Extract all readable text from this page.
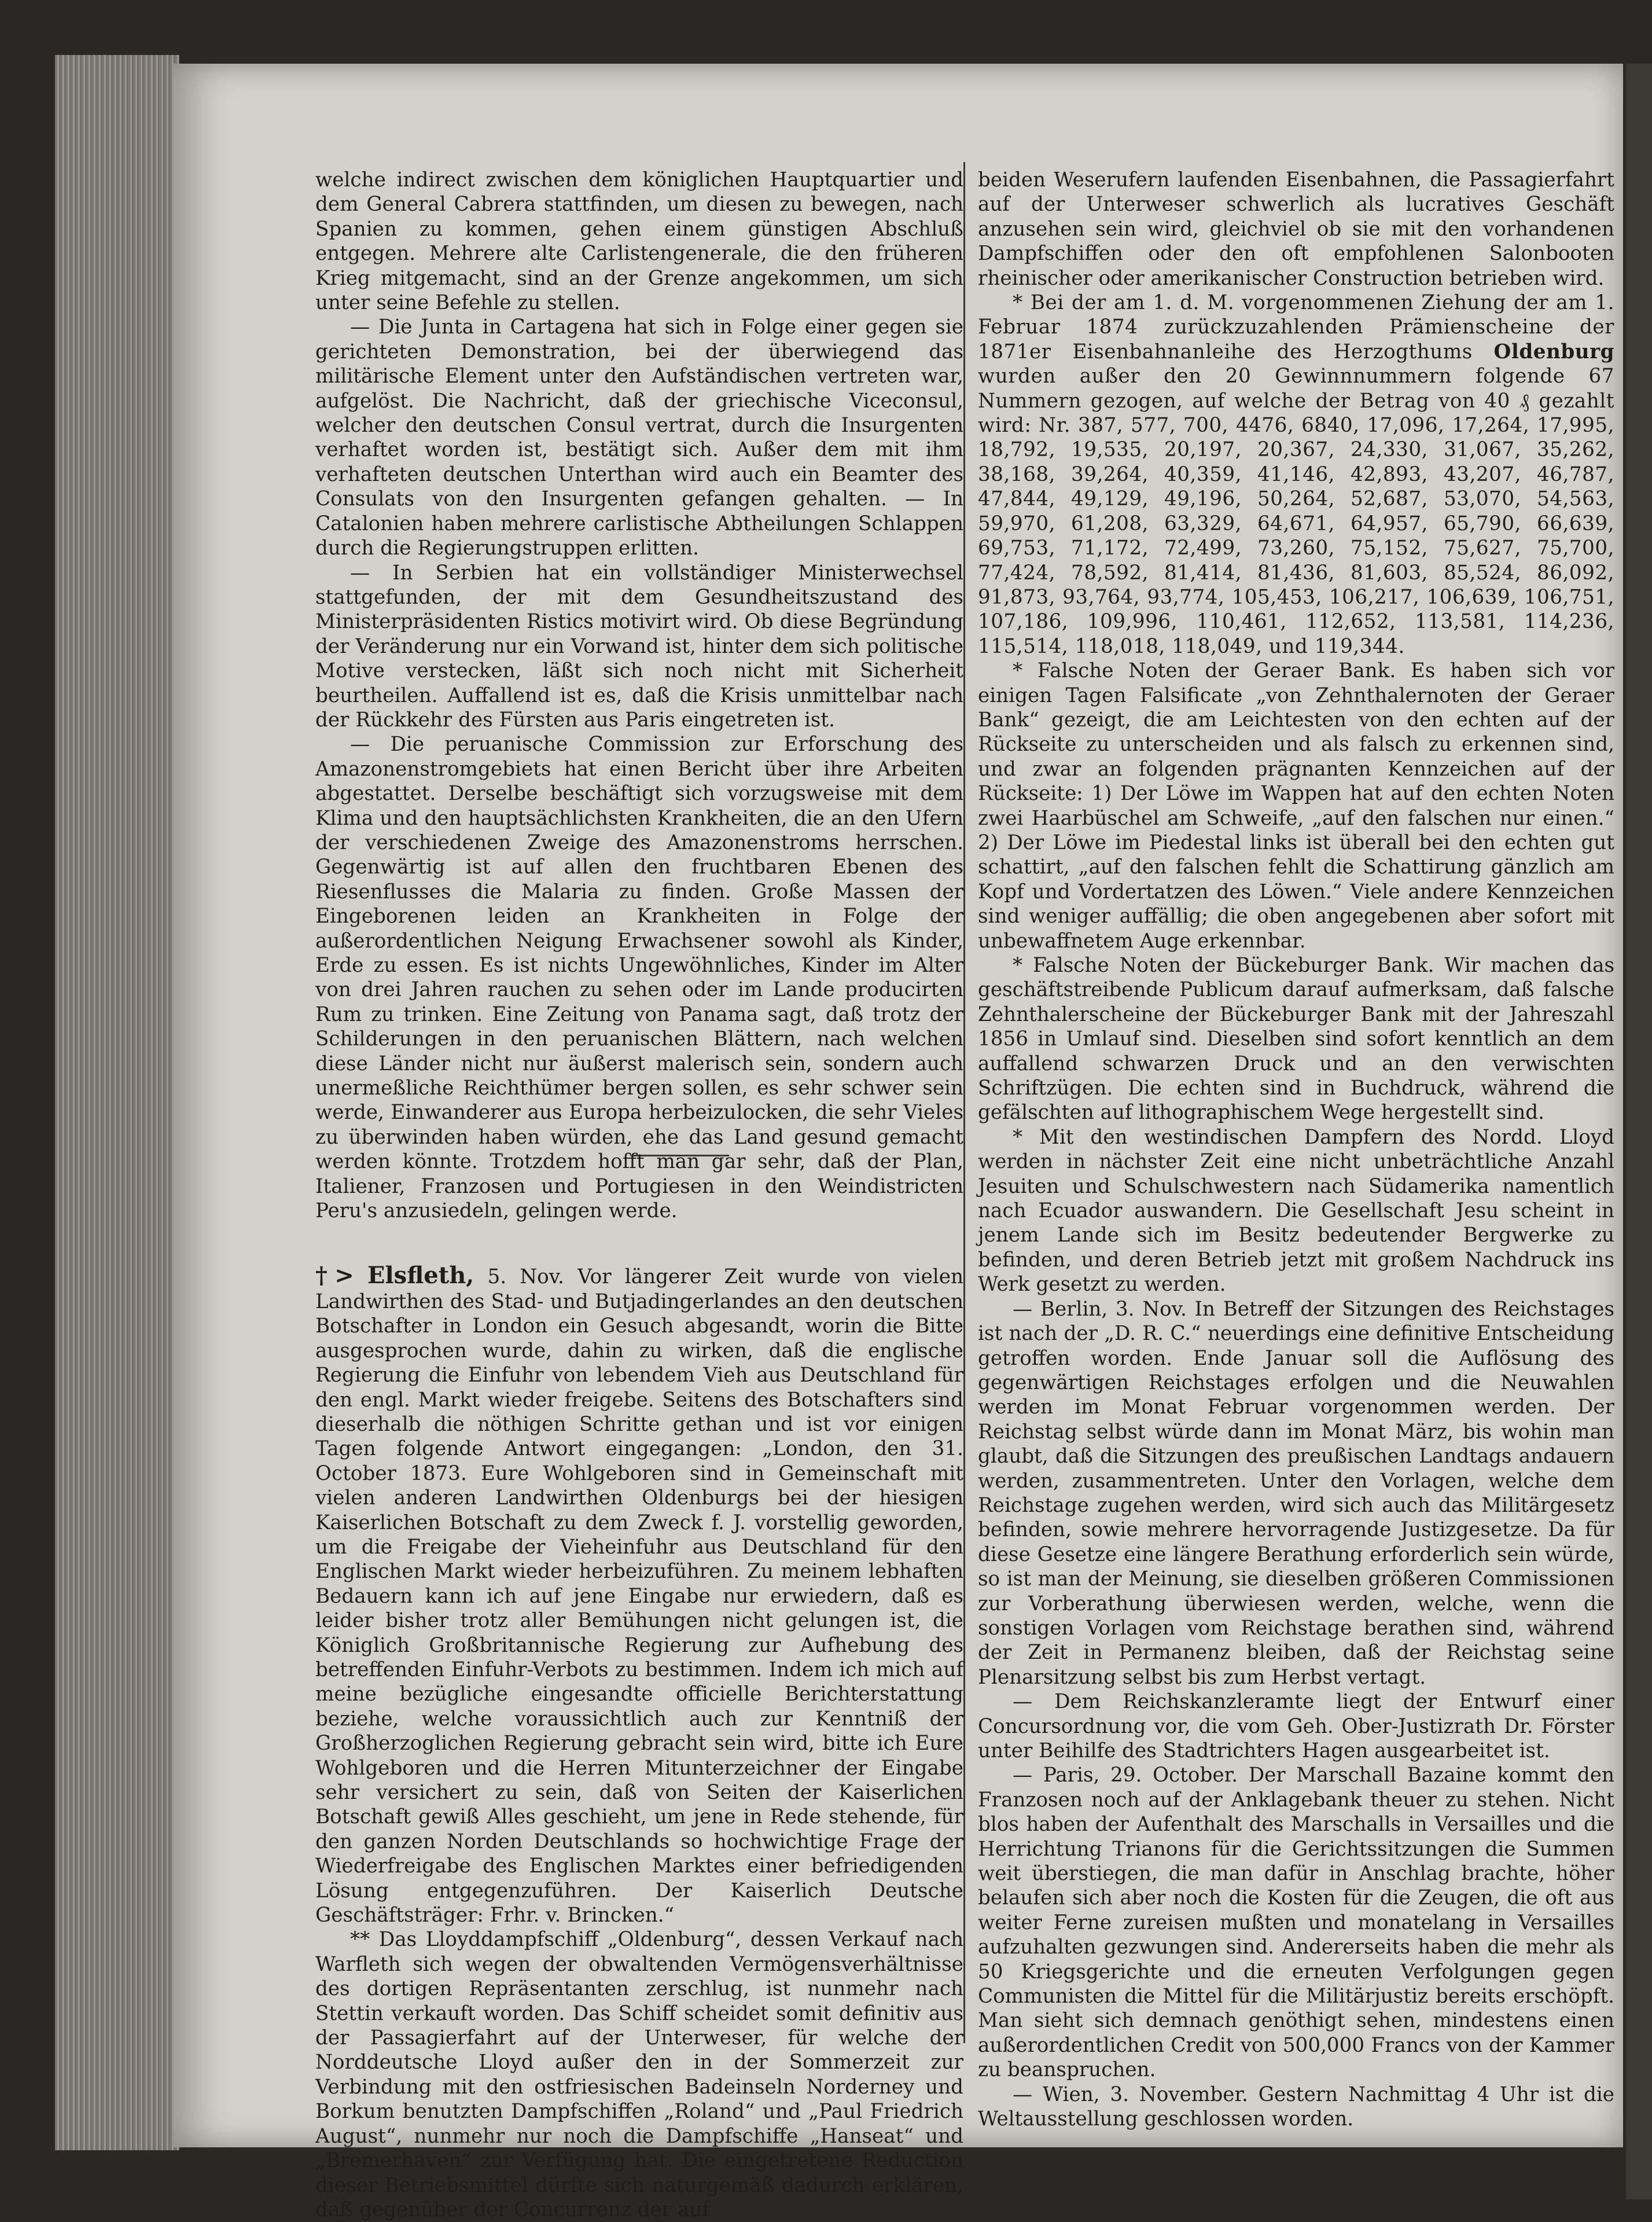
welche indirect zwischen dem königlichen Hauptquartier und dem General Cabrera stattfinden, um diesen zu bewegen, nach Spanien zu kommen, gehen einem günstigen Abschluß entgegen. Mehrere alte Carlistengenerale, die den früheren Krieg mitgemacht, sind an der Grenze angekommen, um sich unter seine Befehle zu stellen.

— Die Junta in Cartagena hat sich in Folge einer gegen sie gerichteten Demonstration, bei der überwiegend das militärische Element unter den Aufständischen vertreten war, aufgelöst. Die Nachricht, daß der griechische Viceconsul, welcher den deutschen Consul vertrat, durch die Insurgenten verhaftet worden ist, bestätigt sich. Außer dem mit ihm verhafteten deutschen Unterthan wird auch ein Beamter des Consulats von den Insurgenten gefangen gehalten. — In Catalonien haben mehrere carlistische Abtheilungen Schlappen durch die Regierungstruppen erlitten.

— In Serbien hat ein vollständiger Ministerwechsel stattgefunden, der mit dem Gesundheitszustand des Ministerpräsidenten Ristics motivirt wird. Ob diese Begründung der Veränderung nur ein Vorwand ist, hinter dem sich politische Motive verstecken, läßt sich noch nicht mit Sicherheit beurtheilen. Auffallend ist es, daß die Krisis unmittelbar nach der Rückkehr des Fürsten aus Paris eingetreten ist.

— Die peruanische Commission zur Erforschung des Amazonenstromgebiets hat einen Bericht über ihre Arbeiten abgestattet. Derselbe beschäftigt sich vorzugsweise mit dem Klima und den hauptsächlichsten Krankheiten, die an den Ufern der verschiedenen Zweige des Amazonenstroms herrschen. Gegenwärtig ist auf allen den fruchtbaren Ebenen des Riesenflusses die Malaria zu finden. Große Massen der Eingeborenen leiden an Krankheiten in Folge der außerordentlichen Neigung Erwachsener sowohl als Kinder, Erde zu essen. Es ist nichts Ungewöhnliches, Kinder im Alter von drei Jahren rauchen zu sehen oder im Lande producirten Rum zu trinken. Eine Zeitung von Panama sagt, daß trotz der Schilderungen in den peruanischen Blättern, nach welchen diese Länder nicht nur äußerst malerisch sein, sondern auch unermeßliche Reichthümer bergen sollen, es sehr schwer sein werde, Einwanderer aus Europa herbeizulocken, die sehr Vieles zu überwinden haben würden, ehe das Land gesund gemacht werden könnte. Trotzdem hofft man gar sehr, daß der Plan, Italiener, Franzosen und Portugiesen in den Weindistricten Peru's anzusiedeln, gelingen werde.

†> Elsfleth, 5. Nov. Vor längerer Zeit wurde von vielen Landwirthen des Stad- und Butjadingerlandes an den deutschen Botschafter in London ein Gesuch abgesandt, worin die Bitte ausgesprochen wurde, dahin zu wirken, daß die englische Regierung die Einfuhr von lebendem Vieh aus Deutschland für den engl. Markt wieder freigebe. Seitens des Botschafters sind dieserhalb die nöthigen Schritte gethan und ist vor einigen Tagen folgende Antwort eingegangen: „London, den 31. October 1873. Eure Wohlgeboren sind in Gemeinschaft mit vielen anderen Landwirthen Oldenburgs bei der hiesigen Kaiserlichen Botschaft zu dem Zweck f. J. vorstellig geworden, um die Freigabe der Vieheinfuhr aus Deutschland für den Englischen Markt wieder herbeizuführen. Zu meinem lebhaften Bedauern kann ich auf jene Eingabe nur erwiedern, daß es leider bisher trotz aller Bemühungen nicht gelungen ist, die Königlich Großbritannische Regierung zur Aufhebung des betreffenden Einfuhr-Verbots zu bestimmen. Indem ich mich auf meine bezügliche eingesandte officielle Berichterstattung beziehe, welche voraussichtlich auch zur Kenntniß der Großherzoglichen Regierung gebracht sein wird, bitte ich Eure Wohlgeboren und die Herren Mitunterzeichner der Eingabe sehr versichert zu sein, daß von Seiten der Kaiserlichen Botschaft gewiß Alles geschieht, um jene in Rede stehende, für den ganzen Norden Deutschlands so hochwichtige Frage der Wiederfreigabe des Englischen Marktes einer befriedigenden Lösung entgegenzuführen. Der Kaiserlich Deutsche Geschäftsträger: Frhr. v. Brincken.“

** Das Lloyddampfschiff „Oldenburg“, dessen Verkauf nach Warfleth sich wegen der obwaltenden Vermögensverhältnisse des dortigen Repräsentanten zerschlug, ist nunmehr nach Stettin verkauft worden. Das Schiff scheidet somit definitiv aus der Passagierfahrt auf der Unterweser, für welche der Norddeutsche Lloyd außer den in der Sommerzeit zur Verbindung mit den ostfriesischen Badeinseln Norderney und Borkum benutzten Dampfschiffen „Roland“ und „Paul Friedrich August“, nunmehr nur noch die Dampfschiffe „Hanseat“ und „Bremerhaven“ zur Verfügung hat. Die eingetretene Reduction dieser Betriebsmittel dürfte sich naturgemäß dadurch erklären, daß gegenüber der Concurrenz der auf

beiden Weserufern laufenden Eisenbahnen, die Passagierfahrt auf der Unterweser schwerlich als lucratives Geschäft anzusehen sein wird, gleichviel ob sie mit den vorhandenen Dampfschiffen oder den oft empfohlenen Salonbooten rheinischer oder amerikanischer Construction betrieben wird.

* Bei der am 1. d. M. vorgenommenen Ziehung der am 1. Februar 1874 zurückzuzahlenden Prämienscheine der 1871er Eisenbahnanleihe des Herzogthums Oldenburg wurden außer den 20 Gewinnnummern folgende 67 Nummern gezogen, auf welche der Betrag von 40 ₰ gezahlt wird: Nr. 387, 577, 700, 4476, 6840, 17,096, 17,264, 17,995, 18,792, 19,535, 20,197, 20,367, 24,330, 31,067, 35,262, 38,168, 39,264, 40,359, 41,146, 42,893, 43,207, 46,787, 47,844, 49,129, 49,196, 50,264, 52,687, 53,070, 54,563, 59,970, 61,208, 63,329, 64,671, 64,957, 65,790, 66,639, 69,753, 71,172, 72,499, 73,260, 75,152, 75,627, 75,700, 77,424, 78,592, 81,414, 81,436, 81,603, 85,524, 86,092, 91,873, 93,764, 93,774, 105,453, 106,217, 106,639, 106,751, 107,186, 109,996, 110,461, 112,652, 113,581, 114,236, 115,514, 118,018, 118,049, und 119,344.

* Falsche Noten der Geraer Bank. Es haben sich vor einigen Tagen Falsificate „von Zehnthalernoten der Geraer Bank“ gezeigt, die am Leichtesten von den echten auf der Rückseite zu unterscheiden und als falsch zu erkennen sind, und zwar an folgenden prägnanten Kennzeichen auf der Rückseite: 1) Der Löwe im Wappen hat auf den echten Noten zwei Haarbüschel am Schweife, „auf den falschen nur einen.“ 2) Der Löwe im Piedestal links ist überall bei den echten gut schattirt, „auf den falschen fehlt die Schattirung gänzlich am Kopf und Vordertatzen des Löwen.“ Viele andere Kennzeichen sind weniger auffällig; die oben angegebenen aber sofort mit unbewaffnetem Auge erkennbar.

* Falsche Noten der Bückeburger Bank. Wir machen das geschäftstreibende Publicum darauf aufmerksam, daß falsche Zehnthalerscheine der Bückeburger Bank mit der Jahreszahl 1856 in Umlauf sind. Dieselben sind sofort kenntlich an dem auffallend schwarzen Druck und an den verwischten Schriftzügen. Die echten sind in Buchdruck, während die gefälschten auf lithographischem Wege hergestellt sind.

* Mit den westindischen Dampfern des Nordd. Lloyd werden in nächster Zeit eine nicht unbeträchtliche Anzahl Jesuiten und Schulschwestern nach Südamerika namentlich nach Ecuador auswandern. Die Gesellschaft Jesu scheint in jenem Lande sich im Besitz bedeutender Bergwerke zu befinden, und deren Betrieb jetzt mit großem Nachdruck ins Werk gesetzt zu werden.

— Berlin, 3. Nov. In Betreff der Sitzungen des Reichstages ist nach der „D. R. C.“ neuerdings eine definitive Entscheidung getroffen worden. Ende Januar soll die Auflösung des gegenwärtigen Reichstages erfolgen und die Neuwahlen werden im Monat Februar vorgenommen werden. Der Reichstag selbst würde dann im Monat März, bis wohin man glaubt, daß die Sitzungen des preußischen Landtags andauern werden, zusammentreten. Unter den Vorlagen, welche dem Reichstage zugehen werden, wird sich auch das Militärgesetz befinden, sowie mehrere hervorragende Justizgesetze. Da für diese Gesetze eine längere Berathung erforderlich sein würde, so ist man der Meinung, sie dieselben größeren Commissionen zur Vorberathung überwiesen werden, welche, wenn die sonstigen Vorlagen vom Reichstage berathen sind, während der Zeit in Permanenz bleiben, daß der Reichstag seine Plenarsitzung selbst bis zum Herbst vertagt.

— Dem Reichskanzleramte liegt der Entwurf einer Concursordnung vor, die vom Geh. Ober-Justizrath Dr. Förster unter Beihilfe des Stadtrichters Hagen ausgearbeitet ist.

— Paris, 29. October. Der Marschall Bazaine kommt den Franzosen noch auf der Anklagebank theuer zu stehen. Nicht blos haben der Aufenthalt des Marschalls in Versailles und die Herrichtung Trianons für die Gerichtssitzungen die Summen weit überstiegen, die man dafür in Anschlag brachte, höher belaufen sich aber noch die Kosten für die Zeugen, die oft aus weiter Ferne zureisen mußten und monatelang in Versailles aufzuhalten gezwungen sind. Andererseits haben die mehr als 50 Kriegsgerichte und die erneuten Verfolgungen gegen Communisten die Mittel für die Militärjustiz bereits erschöpft. Man sieht sich demnach genöthigt sehen, mindestens einen außerordentlichen Credit von 500,000 Francs von der Kammer zu beanspruchen.

— Wien, 3. November. Gestern Nachmittag 4 Uhr ist die Weltausstellung geschlossen worden.
